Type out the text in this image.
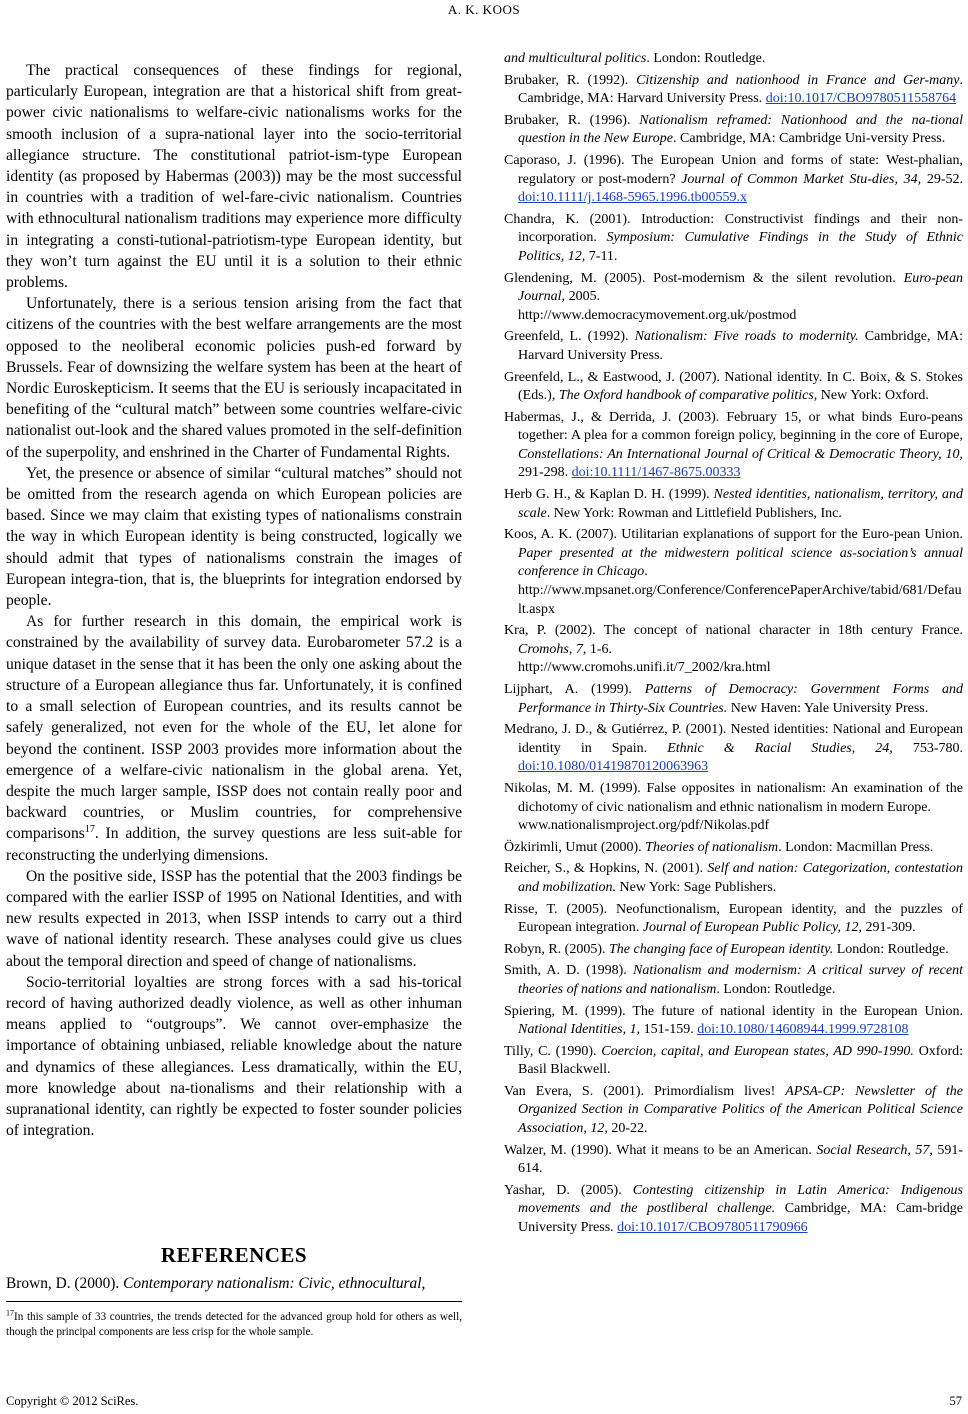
A. K. KOOS

The practical consequences of these findings for regional, particularly European, integration are that a historical shift from great-power civic nationalisms to welfare-civic nationalisms works for the smooth inclusion of a supra-national layer into the socio-territorial allegiance structure. The constitutional patriot-ism-type European identity (as proposed by Habermas (2003)) may be the most successful in countries with a tradition of wel-fare-civic nationalism. Countries with ethnocultural nationalism traditions may experience more difficulty in integrating a consti-tutional-patriotism-type European identity, but they won’t turn against the EU until it is a solution to their ethnic problems.

Unfortunately, there is a serious tension arising from the fact that citizens of the countries with the best welfare arrangements are the most opposed to the neoliberal economic policies push-ed forward by Brussels. Fear of downsizing the welfare system has been at the heart of Nordic Euroskepticism. It seems that the EU is seriously incapacitated in benefiting of the “cultural match” between some countries welfare-civic nationalist out-look and the shared values promoted in the self-definition of the superpolity, and enshrined in the Charter of Fundamental Rights.

Yet, the presence or absence of similar “cultural matches” should not be omitted from the research agenda on which European policies are based. Since we may claim that existing types of nationalisms constrain the way in which European identity is being constructed, logically we should admit that types of nationalisms constrain the images of European integra-tion, that is, the blueprints for integration endorsed by people.

As for further research in this domain, the empirical work is constrained by the availability of survey data. Eurobarometer 57.2 is a unique dataset in the sense that it has been the only one asking about the structure of a European allegiance thus far. Unfortunately, it is confined to a small selection of European countries, and its results cannot be safely generalized, not even for the whole of the EU, let alone for beyond the continent. ISSP 2003 provides more information about the emergence of a welfare-civic nationalism in the global arena. Yet, despite the much larger sample, ISSP does not contain really poor and backward countries, or Muslim countries, for comprehensive comparisons$^{17}$. In addition, the survey questions are less suit-able for reconstructing the underlying dimensions.

On the positive side, ISSP has the potential that the 2003 findings be compared with the earlier ISSP of 1995 on National Identities, and with new results expected in 2013, when ISSP intends to carry out a third wave of national identity research. These analyses could give us clues about the temporal direction and speed of change of nationalisms.

Socio-territorial loyalties are strong forces with a sad his-torical record of having authorized deadly violence, as well as other inhuman means applied to “outgroups”. We cannot over-emphasize the importance of obtaining unbiased, reliable knowledge about the nature and dynamics of these allegiances. Less dramatically, within the EU, more knowledge about na-tionalisms and their relationship with a supranational identity, can rightly be expected to foster sounder policies of integration.

REFERENCES
Brown, D. (2000). Contemporary nationalism: Civic, ethnocultural,
$^{17}$In this sample of 33 countries, the trends detected for the advanced group hold for others as well, though the principal components are less crisp for the whole sample.

and multicultural politics. London: Routledge.

Brubaker, R. (1992). Citizenship and nationhood in France and Ger-many. Cambridge, MA: Harvard University Press. doi:10.1017/CBO9780511558764

Brubaker, R. (1996). Nationalism reframed: Nationhood and the na-tional question in the New Europe. Cambridge, MA: Cambridge Uni-versity Press.

Caporaso, J. (1996). The European Union and forms of state: West-phalian, regulatory or post-modern? Journal of Common Market Stu-dies, 34, 29-52. doi:10.1111/j.1468-5965.1996.tb00559.x

Chandra, K. (2001). Introduction: Constructivist findings and their non-incorporation. Symposium: Cumulative Findings in the Study of Ethnic Politics, 12, 7-11.

Glendening, M. (2005). Post-modernism & the silent revolution. Euro-pean Journal, 2005.
http://www.democracymovement.org.uk/postmod

Greenfeld, L. (1992). Nationalism: Five roads to modernity. Cambridge, MA: Harvard University Press.

Greenfeld, L., & Eastwood, J. (2007). National identity. In C. Boix, & S. Stokes (Eds.), The Oxford handbook of comparative politics, New York: Oxford.

Habermas, J., & Derrida, J. (2003). February 15, or what binds Euro-peans together: A plea for a common foreign policy, beginning in the core of Europe, Constellations: An International Journal of Critical & Democratic Theory, 10, 291-298. doi:10.1111/1467-8675.00333

Herb G. H., & Kaplan D. H. (1999). Nested identities, nationalism, territory, and scale. New York: Rowman and Littlefield Publishers, Inc.

Koos, A. K. (2007). Utilitarian explanations of support for the Euro-pean Union. Paper presented at the midwestern political science as-sociation’s annual conference in Chicago.
http://www.mpsanet.org/Conference/ConferencePaperArchive/tabid/681/Default.aspx

Kra, P. (2002). The concept of national character in 18th century France. Cromohs, 7, 1-6.
http://www.cromohs.unifi.it/7_2002/kra.html

Lijphart, A. (1999). Patterns of Democracy: Government Forms and Performance in Thirty-Six Countries. New Haven: Yale University Press.

Medrano, J. D., & Gutiérrez, P. (2001). Nested identities: National and European identity in Spain. Ethnic & Racial Studies, 24, 753-780. doi:10.1080/01419870120063963

Nikolas, M. M. (1999). False opposites in nationalism: An examination of the dichotomy of civic nationalism and ethnic nationalism in modern Europe.
www.nationalismproject.org/pdf/Nikolas.pdf

Özkirimli, Umut (2000). Theories of nationalism. London: Macmillan Press.

Reicher, S., & Hopkins, N. (2001). Self and nation: Categorization, contestation and mobilization. New York: Sage Publishers.

Risse, T. (2005). Neofunctionalism, European identity, and the puzzles of European integration. Journal of European Public Policy, 12, 291-309.

Robyn, R. (2005). The changing face of European identity. London: Routledge.

Smith, A. D. (1998). Nationalism and modernism: A critical survey of recent theories of nations and nationalism. London: Routledge.

Spiering, M. (1999). The future of national identity in the European Union. National Identities, 1, 151-159. doi:10.1080/14608944.1999.9728108

Tilly, C. (1990). Coercion, capital, and European states, AD 990-1990. Oxford: Basil Blackwell.

Van Evera, S. (2001). Primordialism lives! APSA-CP: Newsletter of the Organized Section in Comparative Politics of the American Political Science Association, 12, 20-22.

Walzer, M. (1990). What it means to be an American. Social Research, 57, 591-614.

Yashar, D. (2005). Contesting citizenship in Latin America: Indigenous movements and the postliberal challenge. Cambridge, MA: Cam-bridge University Press. doi:10.1017/CBO9780511790966

Copyright © 2012 SciRes.	57
